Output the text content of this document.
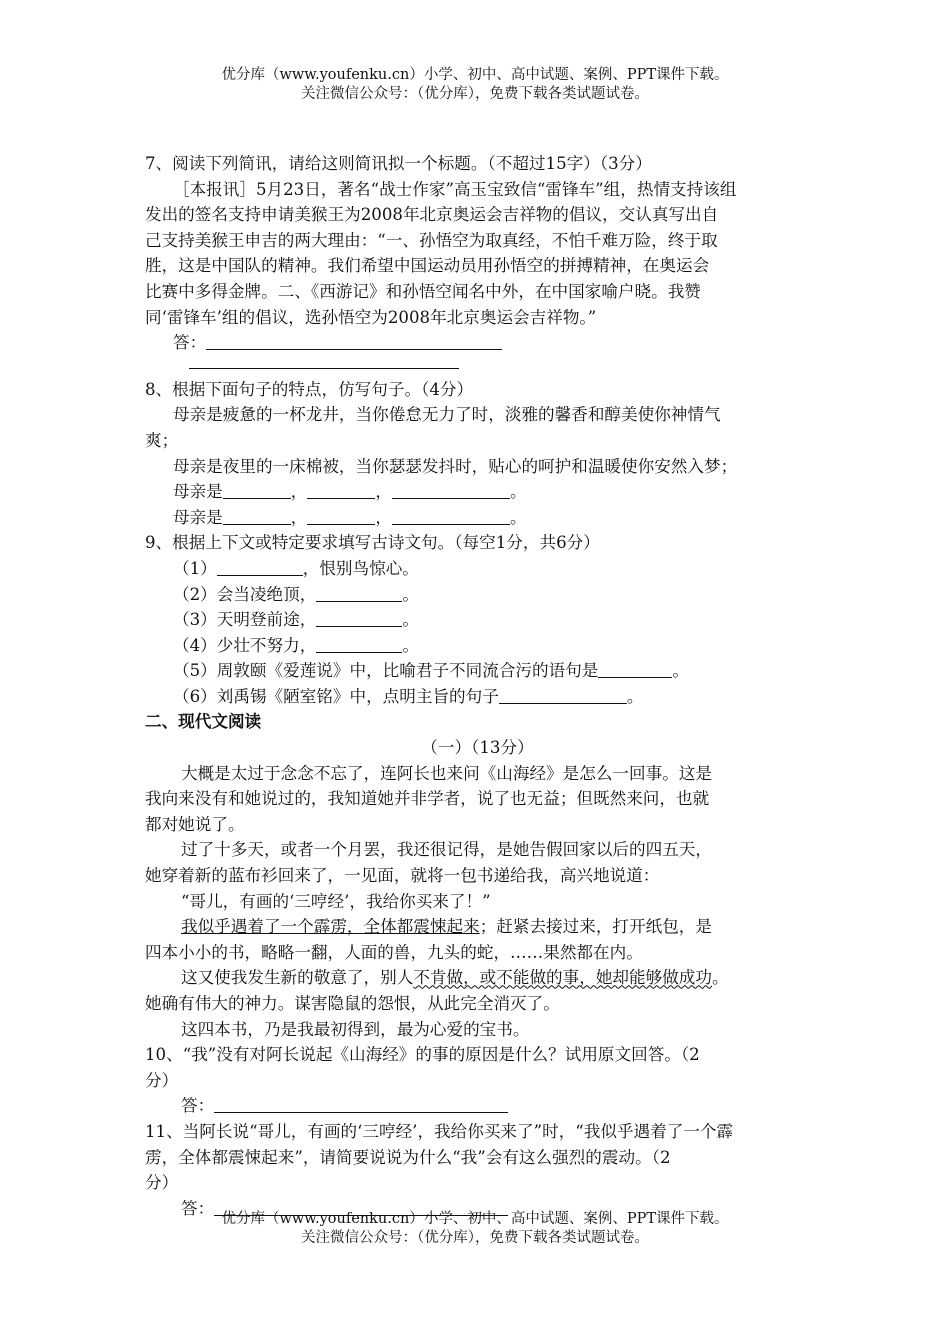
优分库（www.youfenku.cn）小学、初中、高中试题、案例、PPT课件下载。
关注微信公众号：（优分库），免费下载各类试题试卷。
7、阅读下列简讯，请给这则简讯拟一个标题。（不超过15字）（3分）
［本报讯］5月23日，著名“战士作家”高玉宝致信“雷锋车”组，热情支持该组
发出的签名支持申请美猴王为2008年北京奥运会吉祥物的倡议，交认真写出自
己支持美猴王申吉的两大理由：“一、孙悟空为取真经，不怕千难万险，终于取
胜，这是中国队的精神。我们希望中国运动员用孙悟空的拼搏精神，在奥运会
比赛中多得金牌。二、《西游记》和孙悟空闻名中外，在中国家喻户晓。我赞
同‘雷锋车’组的倡议，选孙悟空为2008年北京奥运会吉祥物。”
答：
8、根据下面句子的特点，仿写句子。（4分）
母亲是疲惫的一杯龙井，当你倦怠无力了时，淡雅的馨香和醇美使你神情气
爽；
母亲是夜里的一床棉被，当你瑟瑟发抖时，贴心的呵护和温暖使你安然入梦；
母亲是	，	，	。
母亲是	，	，	。
9、根据上下文或特定要求填写古诗文句。（每空1分，共6分）
（1）	，恨别鸟惊心。
（2）会当凌绝顶，	。
（3）天明登前途，	。
（4）少壮不努力，	。
（5）周敦颐《爱莲说》中，比喻君子不同流合污的语句是	。
（6）刘禹锡《陋室铭》中，点明主旨的句子	。
二、现代文阅读
（一）（13分）
大概是太过于念念不忘了，连阿长也来问《山海经》是怎么一回事。这是
我向来没有和她说过的，我知道她并非学者，说了也无益；但既然来问，也就
都对她说了。
过了十多天，或者一个月罢，我还很记得，是她告假回家以后的四五天，
她穿着新的蓝布衫回来了，一见面，就将一包书递给我，高兴地说道：
“哥儿，有画的‘三哼经’，我给你买来了！”
我似乎遇着了一个霹雳，全体都震悚起来；赶紧去接过来，打开纸包，是
四本小小的书，略略一翻，人面的兽，九头的蛇，……果然都在内。
这又使我发生新的敬意了，别人不肯做，或不能做的事，她却能够做成功。
她确有伟大的神力。谋害隐鼠的怨恨，从此完全消灭了。
这四本书，乃是我最初得到，最为心爱的宝书。
10、“我”没有对阿长说起《山海经》的事的原因是什么？试用原文回答。（2
分）
答：
11、当阿长说“哥儿，有画的‘三哼经’，我给你买来了”时，“我似乎遇着了一个霹
雳，全体都震悚起来”，请简要说说为什么“我”会有这么强烈的震动。（2
分）
答：
优分库（www.youfenku.cn）小学、初中、高中试题、案例、PPT课件下载。
关注微信公众号：（优分库），免费下载各类试题试卷。
